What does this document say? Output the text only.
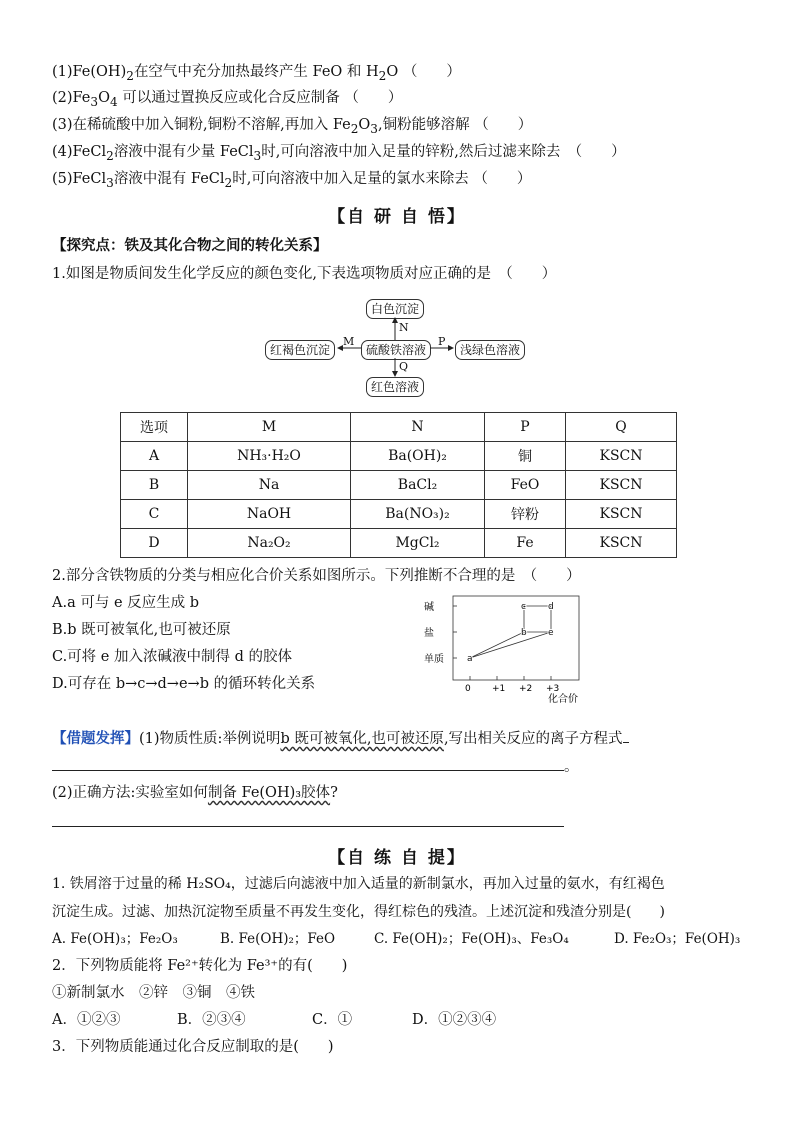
$(1)Fe(OH)_2$在空气中充分加热最终产生 FeO 和 $H_2O$ （　　）
$(2)Fe_3O_4$ 可以通过置换反应或化合反应制备 （　　）
(3)在稀硫酸中加入铜粉,铜粉不溶解,再加入 $Fe_2O_3$,铜粉能够溶解 （　　）
(4)FeCl$_2$溶液中混有少量 FeCl$_3$时,可向溶液中加入足量的锌粉,然后过滤来除去　（　　）
(5)FeCl$_3$溶液中混有 FeCl$_2$时,可向溶液中加入足量的氯水来除去 （　　）
【自 研 自 悟】
【探究点：铁及其化合物之间的转化关系】
1.如图是物质间发生化学反应的颜色变化,下表选项物质对应正确的是　（　　）
白色沉淀
硫酸铁溶液
红褐色沉淀	浅绿色溶液
红色溶液
N
M	P
Q
选项	M	N	P	Q
A	NH₃·H₂O	Ba(OH)₂	铜	KSCN
B	Na	BaCl₂	FeO	KSCN
C	NaOH	Ba(NO₃)₂	锌粉	KSCN
D	Na₂O₂	MgCl₂	Fe	KSCN
2.部分含铁物质的分类与相应化合价关系如图所示。下列推断不合理的是　（　　）
A.a 可与 e 反应生成 b
B.b 既可被氧化,也可被还原
C.可将 e 加入浓碱液中制得 d 的胶体
D.可存在 b→c→d→e→b 的循环转化关系
单质
盐
碱
0 +1 +2 +3
化合价
a
b
c d
e
【借题发挥】(1)物质性质:举例说明b 既可被氧化,也可被还原,写出相关反应的离子方程式
。
(2)正确方法:实验室如何制备 Fe(OH)₃胶体?
【自 练 自 提】
1. 铁屑溶于过量的稀 H₂SO₄，过滤后向滤液中加入适量的新制氯水，再加入过量的氨水，有红褐色
沉淀生成。过滤、加热沉淀物至质量不再发生变化，得红棕色的残渣。上述沉淀和残渣分别是(　　)
A. Fe(OH)₃；Fe₂O₃	B. Fe(OH)₂；FeO	C. Fe(OH)₂；Fe(OH)₃、Fe₃O₄	D. Fe₂O₃；Fe(OH)₃
2．下列物质能将 Fe²⁺转化为 Fe³⁺的有(　　)
①新制氯水　②锌　③铜　④铁
A．①②③	B．②③④	C．①	D．①②③④
3．下列物质能通过化合反应制取的是(　　)
